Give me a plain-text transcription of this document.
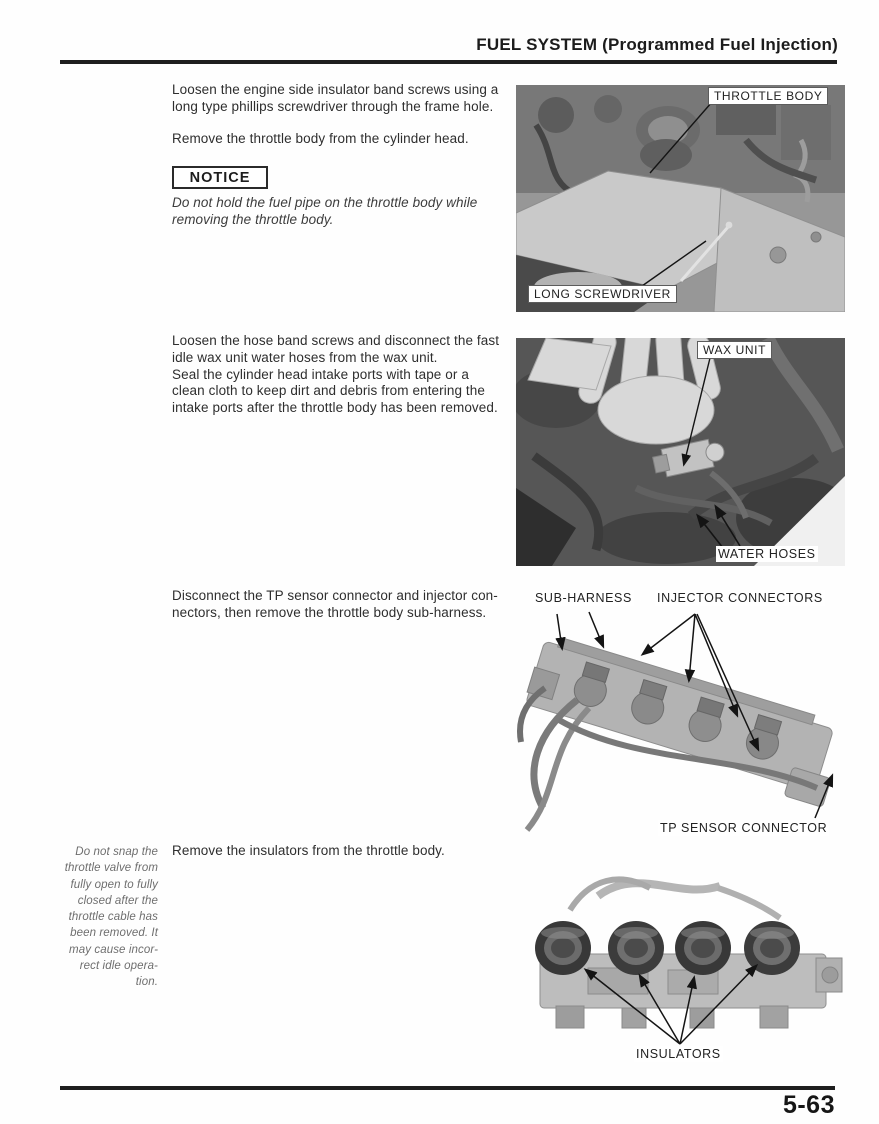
FUEL SYSTEM (Programmed Fuel Injection)
Loosen the engine side insulator band screws using a
long type phillips screwdriver through the frame hole.
Remove the throttle body from the cylinder head.
NOTICE
Do not hold the fuel pipe on the throttle body while
removing the throttle body.
Loosen the hose band screws and disconnect the fast
idle wax unit water hoses from the wax unit.
Seal the cylinder head intake ports with tape or a
clean cloth to keep dirt and debris from entering the
intake ports after the throttle body has been removed.
Disconnect the TP sensor connector and injector con-
nectors, then remove the throttle body sub-harness.
Do not snap the
throttle valve from
fully open to fully
closed after the
throttle cable has
been removed. It
may cause incor-
rect idle opera-
tion.
Remove the insulators from the throttle body.
THROTTLE BODY
LONG SCREWDRIVER
WAX UNIT
WATER HOSES
SUB-HARNESS INJECTOR CONNECTORS
TP SENSOR CONNECTOR
INSULATORS
5-63
